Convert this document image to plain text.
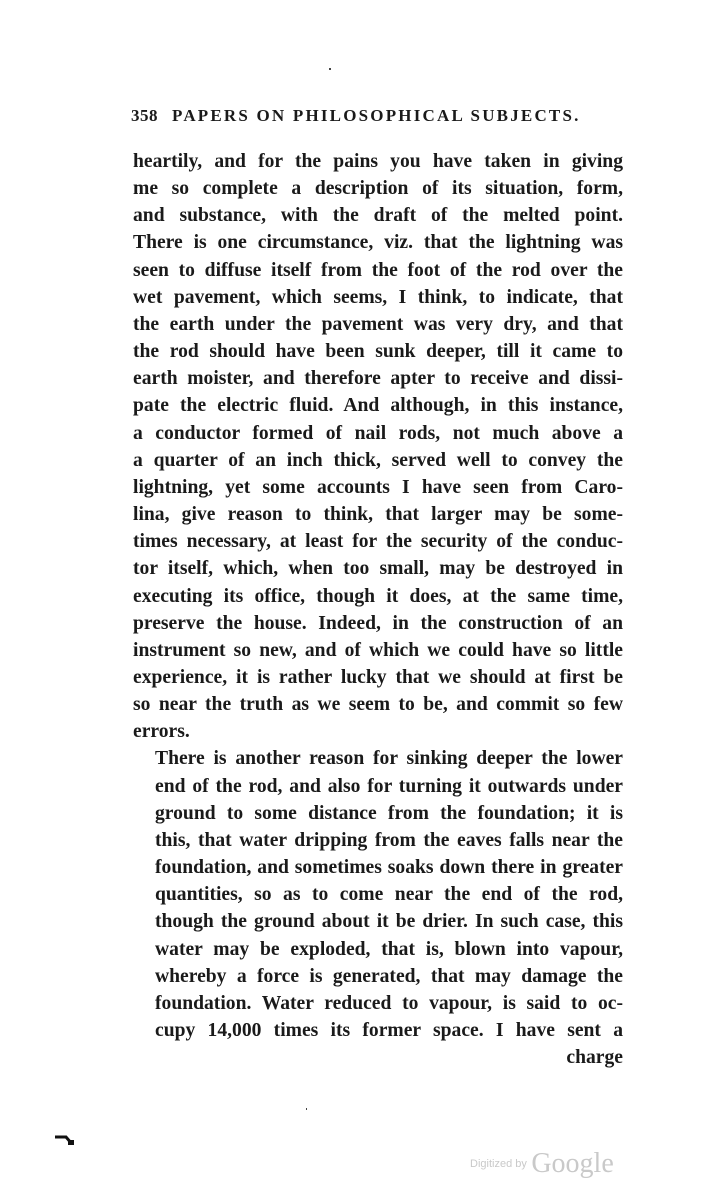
358 PAPERS ON PHILOSOPHICAL SUBJECTS.

heartily, and for the pains you have taken in giving
me so complete a description of its situation, form,
and substance, with the draft of the melted point.
There is one circumstance, viz. that the lightning was
seen to diffuse itself from the foot of the rod over the
wet pavement, which seems, I think, to indicate, that
the earth under the pavement was very dry, and that
the rod should have been sunk deeper, till it came to
earth moister, and therefore apter to receive and dissi-
pate the electric fluid. And although, in this instance,
a conductor formed of nail rods, not much above a
a quarter of an inch thick, served well to convey the
lightning, yet some accounts I have seen from Caro-
lina, give reason to think, that larger may be some-
times necessary, at least for the security of the conduc-
tor itself, which, when too small, may be destroyed in
executing its office, though it does, at the same time,
preserve the house. Indeed, in the construction of an
instrument so new, and of which we could have so little
experience, it is rather lucky that we should at first be
so near the truth as we seem to be, and commit so few
errors.

There is another reason for sinking deeper the lower
end of the rod, and also for turning it outwards under
ground to some distance from the foundation; it is
this, that water dripping from the eaves falls near the
foundation, and sometimes soaks down there in greater
quantities, so as to come near the end of the rod,
though the ground about it be drier. In such case, this
water may be exploded, that is, blown into vapour,
whereby a force is generated, that may damage the
foundation. Water reduced to vapour, is said to oc-
cupy 14,000 times its former space. I have sent a
charge

Digitized by Google
